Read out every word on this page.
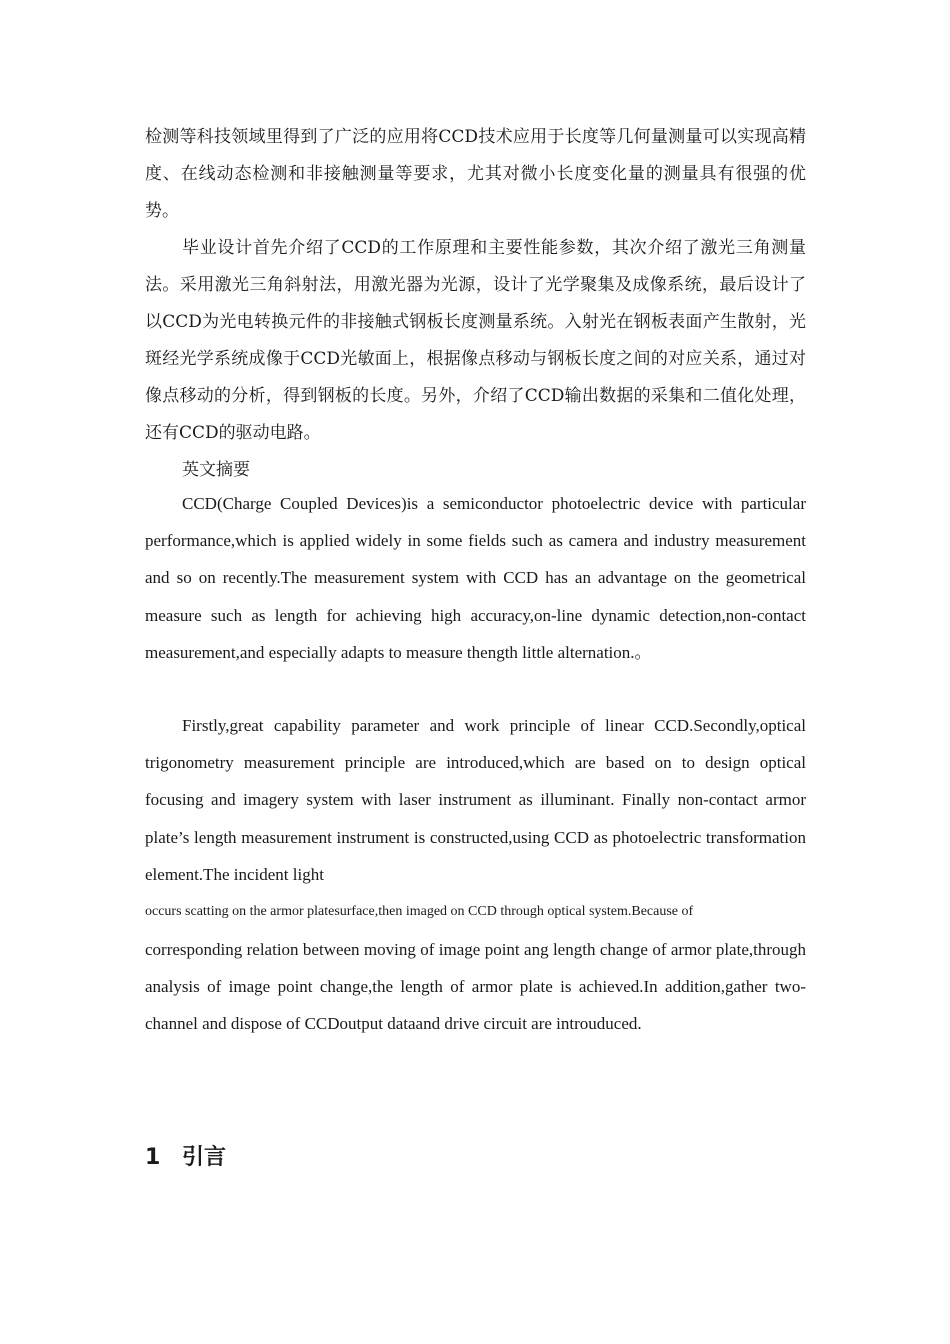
检测等科技领域里得到了广泛的应用将CCD技术应用于长度等几何量测量可以实现高精度、在线动态检测和非接触测量等要求，尤其对微小长度变化量的测量具有很强的优势。

毕业设计首先介绍了CCD的工作原理和主要性能参数，其次介绍了激光三角测量法。采用激光三角斜射法，用激光器为光源，设计了光学聚集及成像系统，最后设计了以CCD为光电转换元件的非接触式钢板长度测量系统。入射光在钢板表面产生散射，光斑经光学系统成像于CCD光敏面上，根据像点移动与钢板长度之间的对应关系，通过对像点移动的分析，得到钢板的长度。另外，介绍了CCD输出数据的采集和二值化处理，还有CCD的驱动电路。

英文摘要

CCD(Charge Coupled Devices)is a semiconductor photoelectric device with particular performance,which is applied widely in some fields such as camera and industry measurement and so on recently.The measurement system with CCD has an advantage on the geometrical measure such as length for achieving high accuracy,on-line dynamic detection,non-contact measurement,and especially adapts to measure thength little alternation.。

Firstly,great capability parameter and work principle of linear CCD.Secondly,optical trigonometry measurement principle are introduced,which are based on to design optical focusing and imagery system with laser instrument as illuminant. Finally non-contact armor plate’s length measurement instrument is constructed,using CCD as photoelectric transformation element.The incident light

occurs scatting on the armor platesurface,then imaged on CCD through optical system.Because of

corresponding relation between moving of image point ang length change of armor plate,through analysis of image point change,the length of armor plate is achieved.In addition,gather two-channel and dispose of CCDoutput dataand drive circuit are introuduced.

1 引言
